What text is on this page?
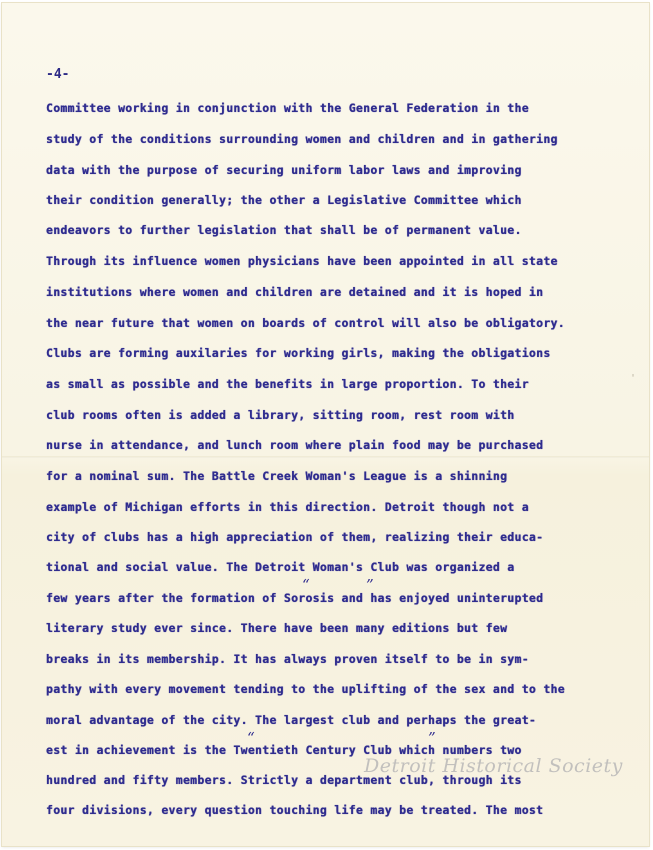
-4-
Committee working in conjunction with the General Federation in the
study of the conditions surrounding women and children and in gathering
data with the purpose of securing uniform labor laws and improving
their condition generally; the other a Legislative Committee which
endeavors to further legislation that shall be of permanent value.
Through its influence women physicians have been appointed in all state
institutions where women and children are detained and it is hoped in
the near future that women on boards of control will also be obligatory.
Clubs are forming auxilaries for working girls, making the obligations
as small as possible and the benefits in large proportion. To their
club rooms often is added a library, sitting room, rest room with
nurse in attendance, and lunch room where plain food may be purchased
for a nominal sum. The Battle Creek Woman's League is a shinning
example of Michigan efforts in this direction. Detroit though not a
city of clubs has a high appreciation of them, realizing their educa-
tional and social value. The Detroit Woman's Club was organized a
few years after the formation of Sorosis and has enjoyed uninterupted
literary study ever since. There have been many editions but few
breaks in its membership. It has always proven itself to be in sym-
pathy with every movement tending to the uplifting of the sex and to the
moral advantage of the city. The largest club and perhaps the great-
est in achievement is the Twentieth Century Club which numbers two
hundred and fifty members. Strictly a department club, through its
four divisions, every question touching life may be treated. The most
“	”
“	”
'
Detroit Historical Society
